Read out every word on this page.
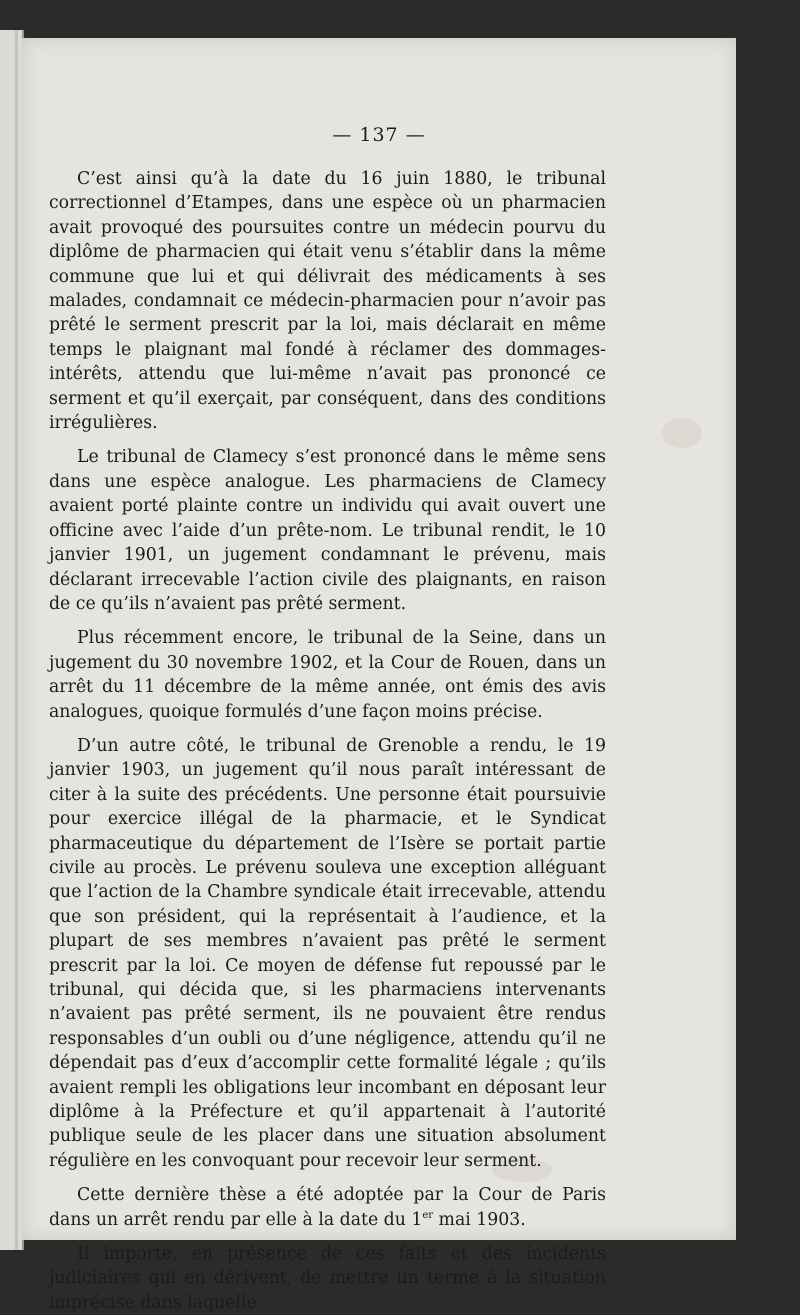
— 137 —

C’est ainsi qu’à la date du 16 juin 1880, le tribunal correctionnel d’Etampes, dans une espèce où un pharmacien avait provoqué des poursuites contre un médecin pourvu du diplôme de pharmacien qui était venu s’établir dans la même commune que lui et qui délivrait des médicaments à ses malades, condamnait ce médecin-pharmacien pour n’avoir pas prêté le serment prescrit par la loi, mais déclarait en même temps le plaignant mal fondé à réclamer des dommages-intérêts, attendu que lui-même n’avait pas prononcé ce serment et qu’il exerçait, par conséquent, dans des conditions irrégulières.

Le tribunal de Clamecy s’est prononcé dans le même sens dans une espèce analogue. Les pharmaciens de Clamecy avaient porté plainte contre un individu qui avait ouvert une officine avec l’aide d’un prête-nom. Le tribunal rendit, le 10 janvier 1901, un jugement condamnant le prévenu, mais déclarant irrecevable l’action civile des plaignants, en raison de ce qu’ils n’avaient pas prêté serment.

Plus récemment encore, le tribunal de la Seine, dans un jugement du 30 novembre 1902, et la Cour de Rouen, dans un arrêt du 11 décembre de la même année, ont émis des avis analogues, quoique formulés d’une façon moins précise.

D’un autre côté, le tribunal de Grenoble a rendu, le 19 janvier 1903, un jugement qu’il nous paraît intéressant de citer à la suite des précédents. Une personne était poursuivie pour exercice illégal de la pharmacie, et le Syndicat pharmaceutique du département de l’Isère se portait partie civile au procès. Le prévenu souleva une exception alléguant que l’action de la Chambre syndicale était irrecevable, attendu que son président, qui la représentait à l’audience, et la plupart de ses membres n’avaient pas prêté le serment prescrit par la loi. Ce moyen de défense fut repoussé par le tribunal, qui décida que, si les pharmaciens intervenants n’avaient pas prêté serment, ils ne pouvaient être rendus responsables d’un oubli ou d’une négligence, attendu qu’il ne dépendait pas d’eux d’accomplir cette formalité légale ; qu’ils avaient rempli les obligations leur incombant en déposant leur diplôme à la Préfecture et qu’il appartenait à l’autorité publique seule de les placer dans une situation absolument régulière en les convoquant pour recevoir leur serment.

Cette dernière thèse a été adoptée par la Cour de Paris dans un arrêt rendu par elle à la date du 1er mai 1903.

Il importe, en présence de ces faits et des incidents judiciaires qui en dérivent, de mettre un terme à la situation imprécise dans laquelle
